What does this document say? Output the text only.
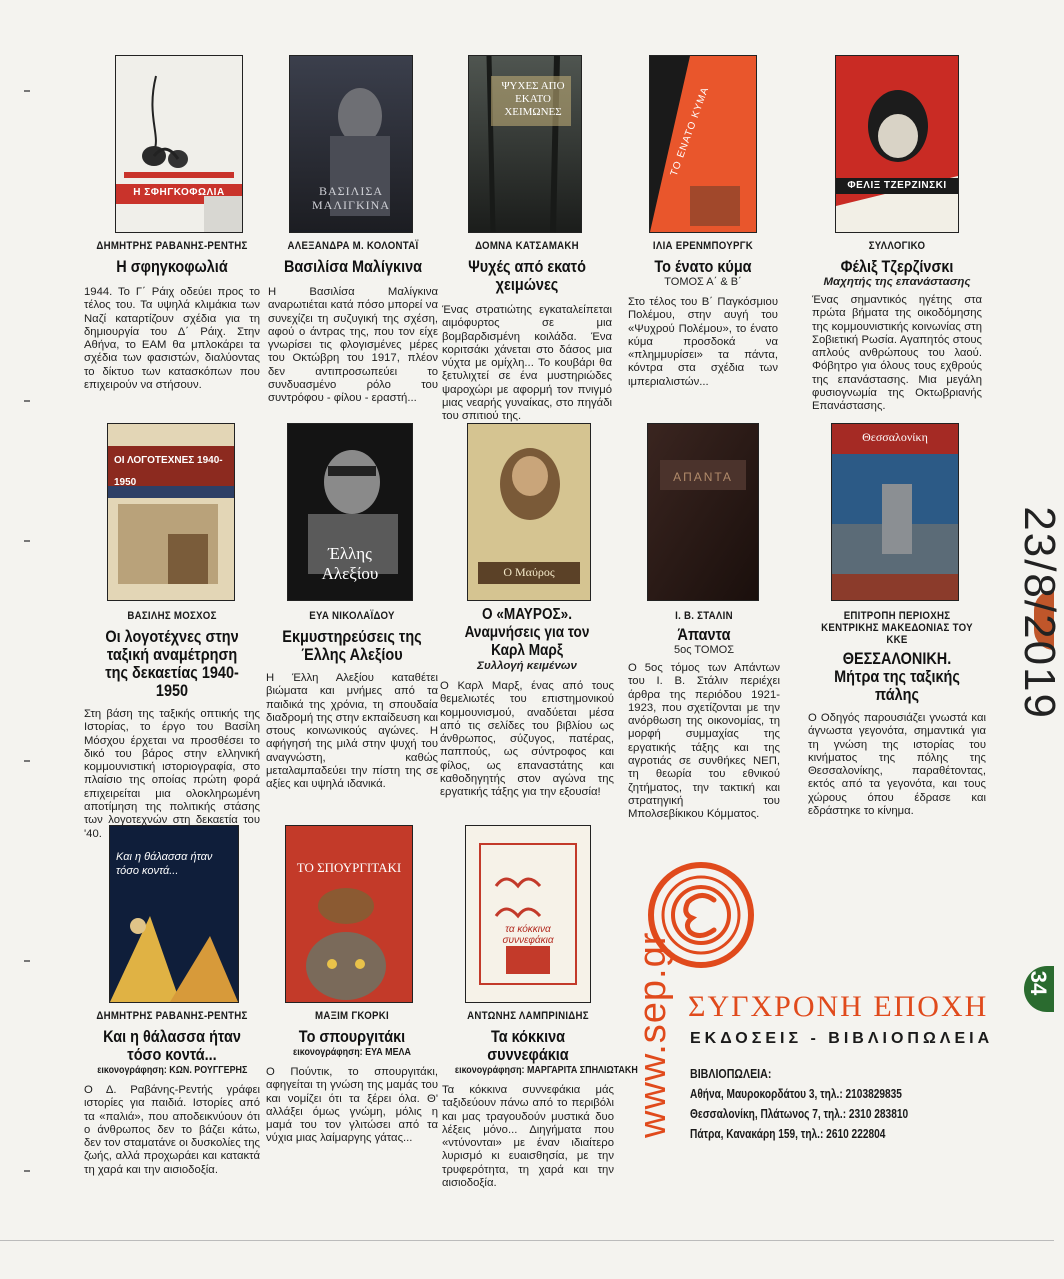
Η ΣΦΗΓΚΟΦΩΛΙΑ
ΔΗΜΗΤΡΗΣ ΡΑΒΑΝΗΣ-ΡΕΝΤΗΣ
Η σφηγκοφωλιά
1944. Το Γ΄ Ράιχ οδεύει προς το τέλος του. Τα υψηλά κλιμάκια των Ναζί καταρτίζουν σχέδια για τη δημιουργία του Δ΄ Ράιχ. Στην Αθήνα, το ΕΑΜ θα μπλοκάρει τα σχέδια των φασιστών, διαλύοντας το δίκτυο των κατασκόπων που επιχειρούν να στήσουν.
ΒΑΣΙΛΙΣΑ ΜΑΛΙΓΚΙΝΑ
ΑΛΕΞΑΝΔΡΑ Μ. ΚΟΛΟΝΤΑΪ
Βασιλίσα Μαλίγκινα
Η Βασιλίσα Μαλίγκινα αναρωτιέται κατά πόσο μπορεί να συνεχίζει τη συζυγική της σχέση, αφού ο άντρας της, που τον είχε γνωρίσει τις φλογισμένες μέρες του Οκτώβρη του 1917, πλέον δεν αντιπροσωπεύει το συνδυασμένο ρόλο του συντρόφου - φίλου - εραστή...
ΨΥΧΕΣ ΑΠΟ ΕΚΑΤΟ ΧΕΙΜΩΝΕΣ
ΔΟΜΝΑ ΚΑΤΣΑΜΑΚΗ
Ψυχές από εκατό χειμώνες
Ένας στρατιώτης εγκαταλείπεται αιμόφυρτος σε μια βομβαρδισμένη κοιλάδα. Ένα κοριτσάκι χάνεται στο δάσος μια νύχτα με ομίχλη... Το κουβάρι θα ξετυλιχτεί σε ένα μυστηριώδες ψαροχώρι με αφορμή τον πνιγμό μιας νεαρής γυναίκας, στο πηγάδι του σπιτιού της.
ΤΟ ΕΝΑΤΟ ΚΥΜΑ
ΙΛΙΑ ΕΡΕΝΜΠΟΥΡΓΚ
Το ένατο κύμα
ΤΟΜΟΣ Α΄ & Β΄
Στο τέλος του Β΄ Παγκόσμιου Πολέμου, στην αυγή του «Ψυχρού Πολέμου», το ένατο κύμα προσδοκά να «πλημμυρίσει» τα πάντα, κόντρα στα σχέδια των ιμπεριαλιστών...
ΦΕΛΙΞ ΤΖΕΡΖΙΝΣΚΙ
ΣΥΛΛΟΓΙΚΟ
Φέλιξ Τζερζίνσκι
Μαχητής της επανάστασης
Ένας σημαντικός ηγέτης στα πρώτα βήματα της οικοδόμησης της κομμουνιστικής κοινωνίας στη Σοβιετική Ρωσία. Αγαπητός στους απλούς ανθρώπους του λαού. Φόβητρο για όλους τους εχθρούς της επανάστασης. Μια μεγάλη φυσιογνωμία της Οκτωβριανής Επανάστασης.
ΟΙ ΛΟΓΟΤΕΧΝΕΣ 1940-1950
ΒΑΣΙΛΗΣ ΜΟΣΧΟΣ
Οι λογοτέχνες στην ταξική αναμέτρηση της δεκαετίας 1940-1950
Στη βάση της ταξικής οπτικής της Ιστορίας, το έργο του Βασίλη Μόσχου έρχεται να προσθέσει το δικό του βάρος στην ελληνική κομμουνιστική ιστοριογραφία, στο πλαίσιο της οποίας πρώτη φορά επιχειρείται μια ολοκληρωμένη αποτίμηση της πολιτικής στάσης των λογοτεχνών στη δεκαετία του '40.
Έλλης Αλεξίου
ΕΥΑ ΝΙΚΟΛΑΪΔΟΥ
Εκμυστηρεύσεις της Έλλης Αλεξίου
Η Έλλη Αλεξίου καταθέτει βιώματα και μνήμες από τα παιδικά της χρόνια, τη σπουδαία διαδρομή της στην εκπαίδευση και στους κοινωνικούς αγώνες. Η αφήγησή της μιλά στην ψυχή του αναγνώστη, καθώς μεταλαμπαδεύει την πίστη της σε αξίες και υψηλά ιδανικά.
Ο Μαύρος
Ο «ΜΑΥΡΟΣ». Αναμνήσεις για τον Καρλ Μαρξ
Συλλογή κειμένων
Ο Καρλ Μαρξ, ένας από τους θεμελιωτές του επιστημονικού κομμουνισμού, αναδύεται μέσα από τις σελίδες του βιβλίου ως άνθρωπος, σύζυγος, πατέρας, παππούς, ως σύντροφος και φίλος, ως επαναστάτης και καθοδηγητής στον αγώνα της εργατικής τάξης για την εξουσία!
ΑΠΑΝΤΑ
Ι. Β. ΣΤΑΛΙΝ
Άπαντα
5ος ΤΟΜΟΣ
Ο 5ος τόμος των Απάντων του Ι. Β. Στάλιν περιέχει άρθρα της περιόδου 1921-1923, που σχετίζονται με την ανόρθωση της οικονομίας, τη μορφή συμμαχίας της εργατικής τάξης και της αγροτιάς σε συνθήκες ΝΕΠ, τη θεωρία του εθνικού ζητήματος, την τακτική και στρατηγική του Μπολσεβίκικου Κόμματος.
Θεσσαλονίκη
ΕΠΙΤΡΟΠΗ ΠΕΡΙΟΧΗΣ ΚΕΝΤΡΙΚΗΣ ΜΑΚΕΔΟΝΙΑΣ ΤΟΥ ΚΚΕ
ΘΕΣΣΑΛΟΝΙΚΗ. Μήτρα της ταξικής πάλης
Ο Οδηγός παρουσιάζει γνωστά και άγνωστα γεγονότα, σημαντικά για τη γνώση της ιστορίας του κινήματος της πόλης της Θεσσαλονίκης, παραθέτοντας, εκτός από τα γεγονότα, και τους χώρους όπου έδρασε και εδράστηκε το κίνημα.
Και η θάλασσα ήταν τόσο κοντά...
ΔΗΜΗΤΡΗΣ ΡΑΒΑΝΗΣ-ΡΕΝΤΗΣ
Και η θάλασσα ήταν τόσο κοντά...
εικονογράφηση: ΚΩΝ. ΡΟΥΓΓΕΡΗΣ
Ο Δ. Ραβάνης-Ρεντής γράφει ιστορίες για παιδιά. Ιστορίες από τα «παλιά», που αποδεικνύουν ότι ο άνθρωπος δεν το βάζει κάτω, δεν τον σταματάνε οι δυσκολίες της ζωής, αλλά προχωράει και κατακτά τη χαρά και την αισιοδοξία.
ΤΟ ΣΠΟΥΡΓΙΤΑΚΙ
ΜΑΞΙΜ ΓΚΟΡΚΙ
Το σπουργιτάκι
εικονογράφηση: ΕΥΑ ΜΕΛΑ
Ο Πούντικ, το σπουργιτάκι, αφηγείται τη γνώση της μαμάς του και νομίζει ότι τα ξέρει όλα. Θ' αλλάξει όμως γνώμη, μόλις η μαμά του τον γλιτώσει από τα νύχια μιας λαίμαργης γάτας...
τα κόκκινα συννεφάκια
ΑΝΤΩΝΗΣ ΛΑΜΠΡΙΝΙΔΗΣ
Τα κόκκινα συννεφάκια
εικονογράφηση: ΜΑΡΓΑΡΙΤΑ ΣΠΗΛΙΩΤΑΚΗ
Τα κόκκινα συννεφάκια μάς ταξιδεύουν πάνω από το περιβόλι και μας τραγουδούν μυστικά δυο λέξεις μόνο... Διηγήματα που «ντύνονται» με έναν ιδιαίτερο λυρισμό κι ευαισθησία, με την τρυφερότητα, τη χαρά και την αισιοδοξία.
www.sep.gr ΣΥΓΧΡΟΝΗ ΕΠΟΧΗ
ΕΚΔΟΣΕΙΣ - ΒΙΒΛΙΟΠΩΛΕΙΑ
ΒΙΒΛΙΟΠΩΛΕΙΑ:
Αθήνα, Μαυροκορδάτου 3, τηλ.: 2103829835
Θεσσαλονίκη, Πλάτωνος 7, τηλ.: 2310 283810
Πάτρα, Κανακάρη 159, τηλ.: 2610 222804
23/8/2019
34
